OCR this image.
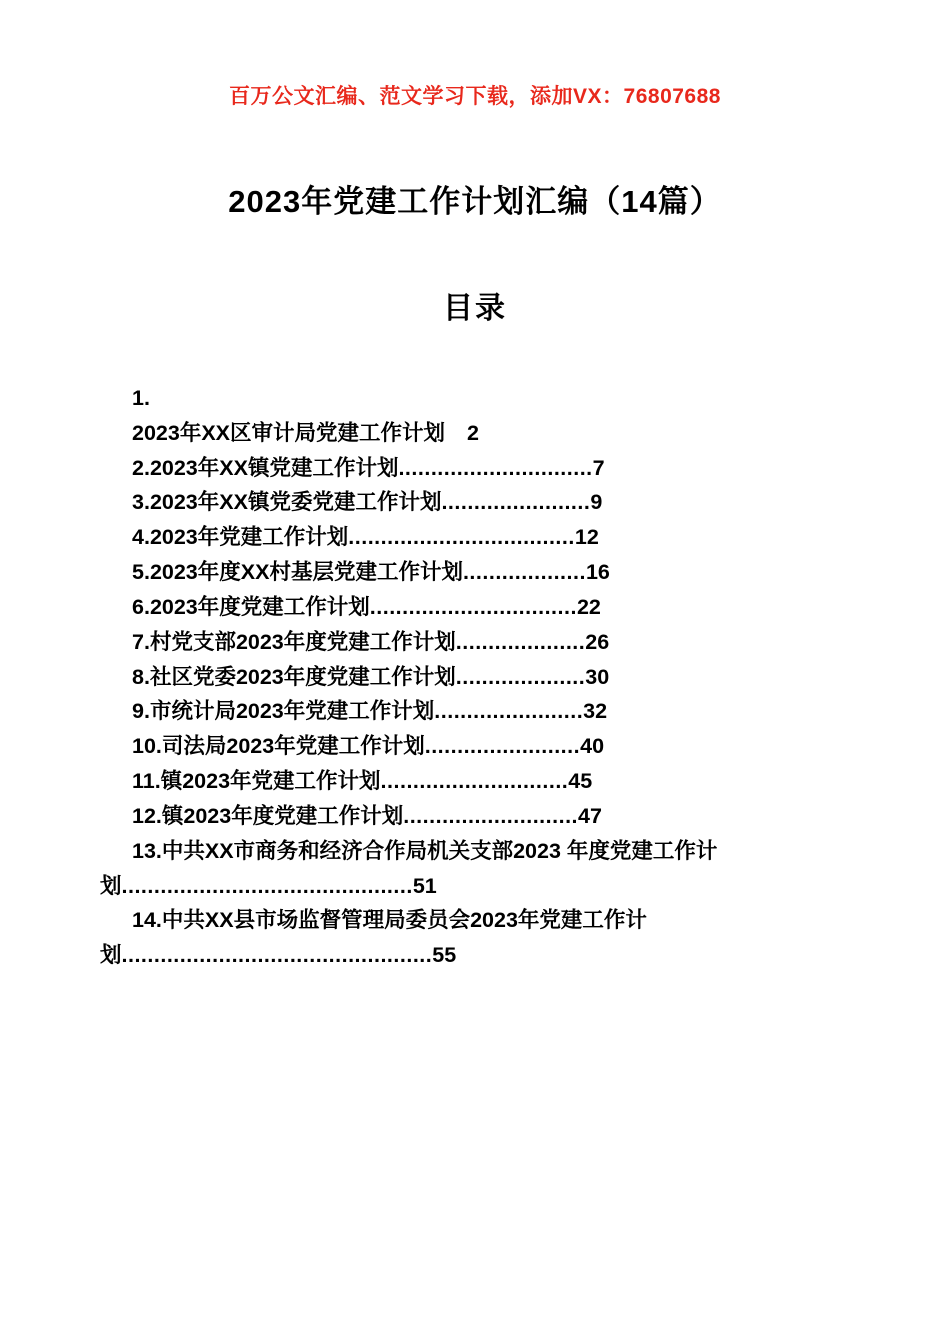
百万公文汇编、范文学习下载，添加VX：76807688
2023年党建工作计划汇编（14篇）
目录
1.
2023年XX区审计局党建工作计划 2
2.2023年XX镇党建工作计划..............................7
3.2023年XX镇党委党建工作计划.......................9
4.2023年党建工作计划...................................12
5.2023年度XX村基层党建工作计划...................16
6.2023年度党建工作计划................................22
7.村党支部2023年度党建工作计划....................26
8.社区党委2023年度党建工作计划....................30
9.市统计局2023年党建工作计划.......................32
10.司法局2023年党建工作计划........................40
11.镇2023年党建工作计划.............................45
12.镇2023年度党建工作计划...........................47
13.中共XX市商务和经济合作局机关支部2023 年度党建工作计划.............................................51
14.中共XX县市场监督管理局委员会2023年党建工作计划................................................55
